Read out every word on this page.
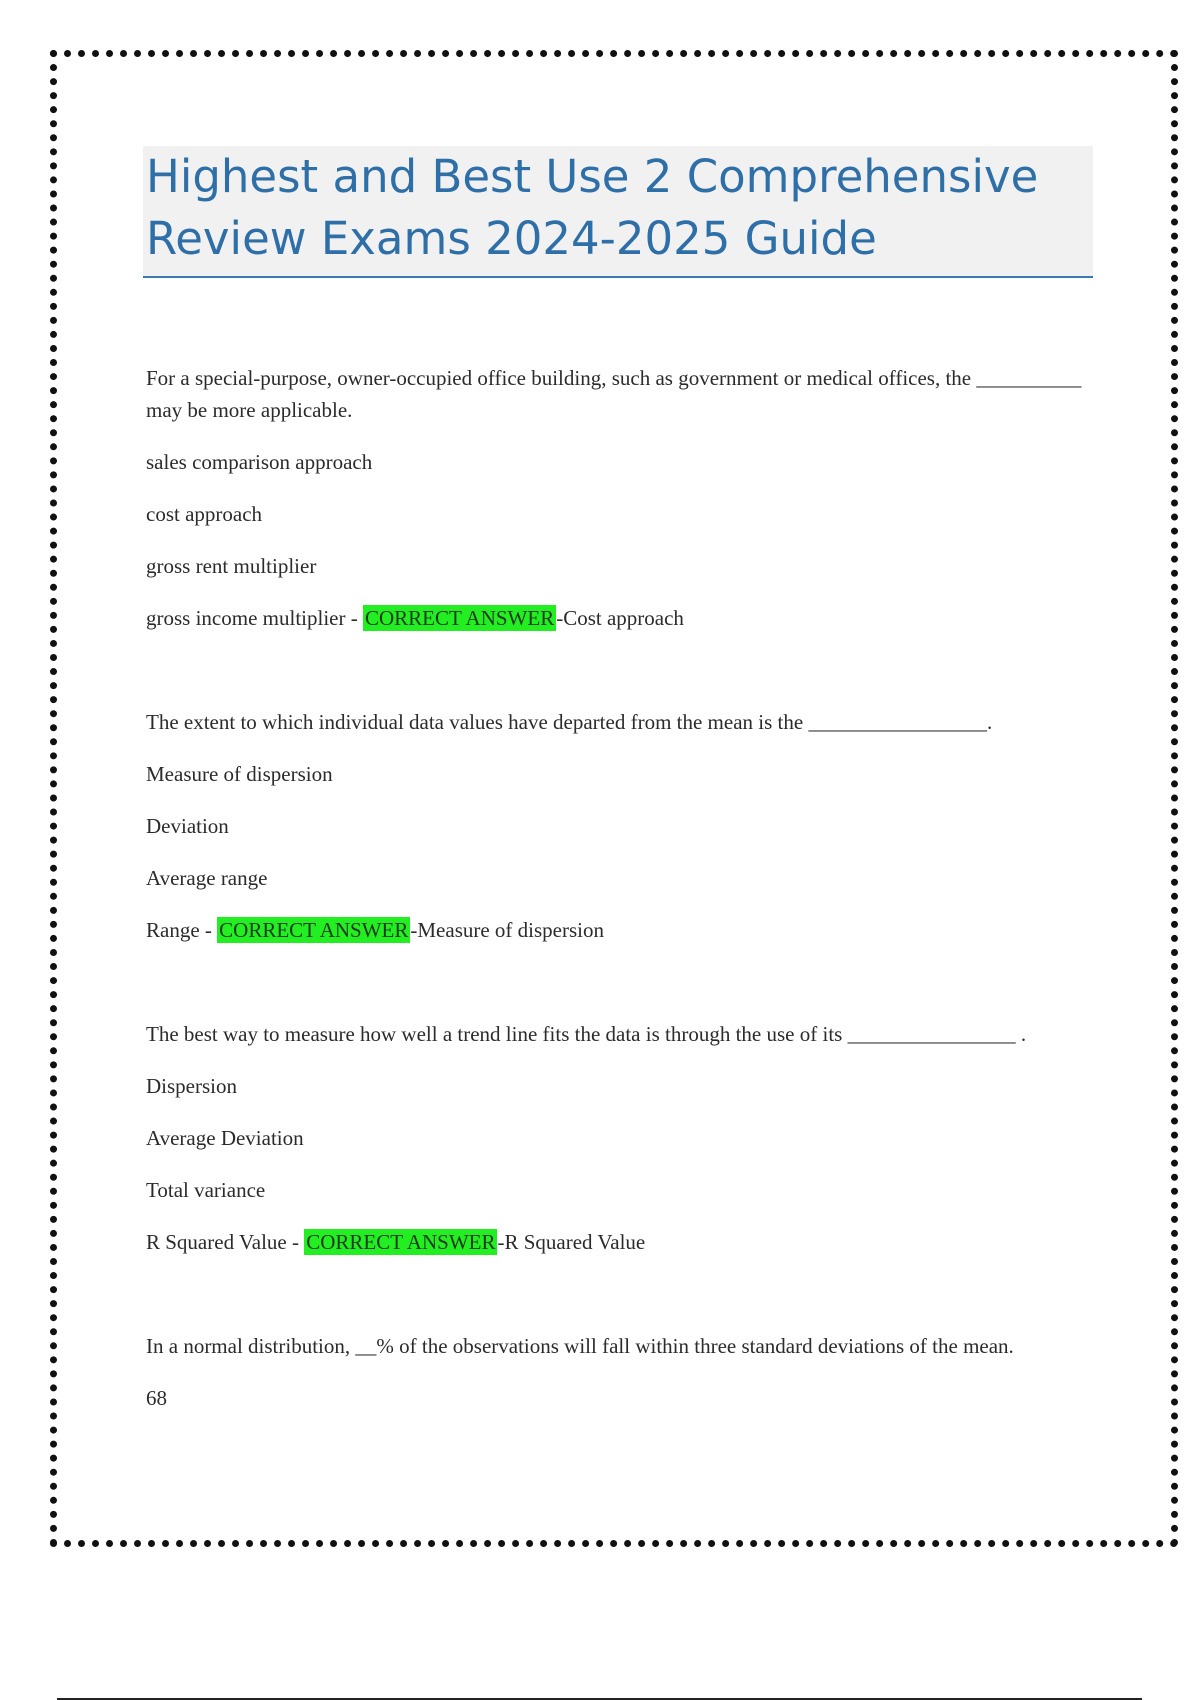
Highest and Best Use 2 Comprehensive Review Exams 2024-2025 Guide

For a special-purpose, owner-occupied office building, such as government or medical offices, the __________ may be more applicable.

sales comparison approach

cost approach

gross rent multiplier

gross income multiplier - CORRECT ANSWER-Cost approach

The extent to which individual data values have departed from the mean is the _________________.

Measure of dispersion

Deviation

Average range

Range - CORRECT ANSWER-Measure of dispersion

The best way to measure how well a trend line fits the data is through the use of its ________________ .

Dispersion

Average Deviation

Total variance

R Squared Value - CORRECT ANSWER-R Squared Value

In a normal distribution, __% of the observations will fall within three standard deviations of the mean.

68
